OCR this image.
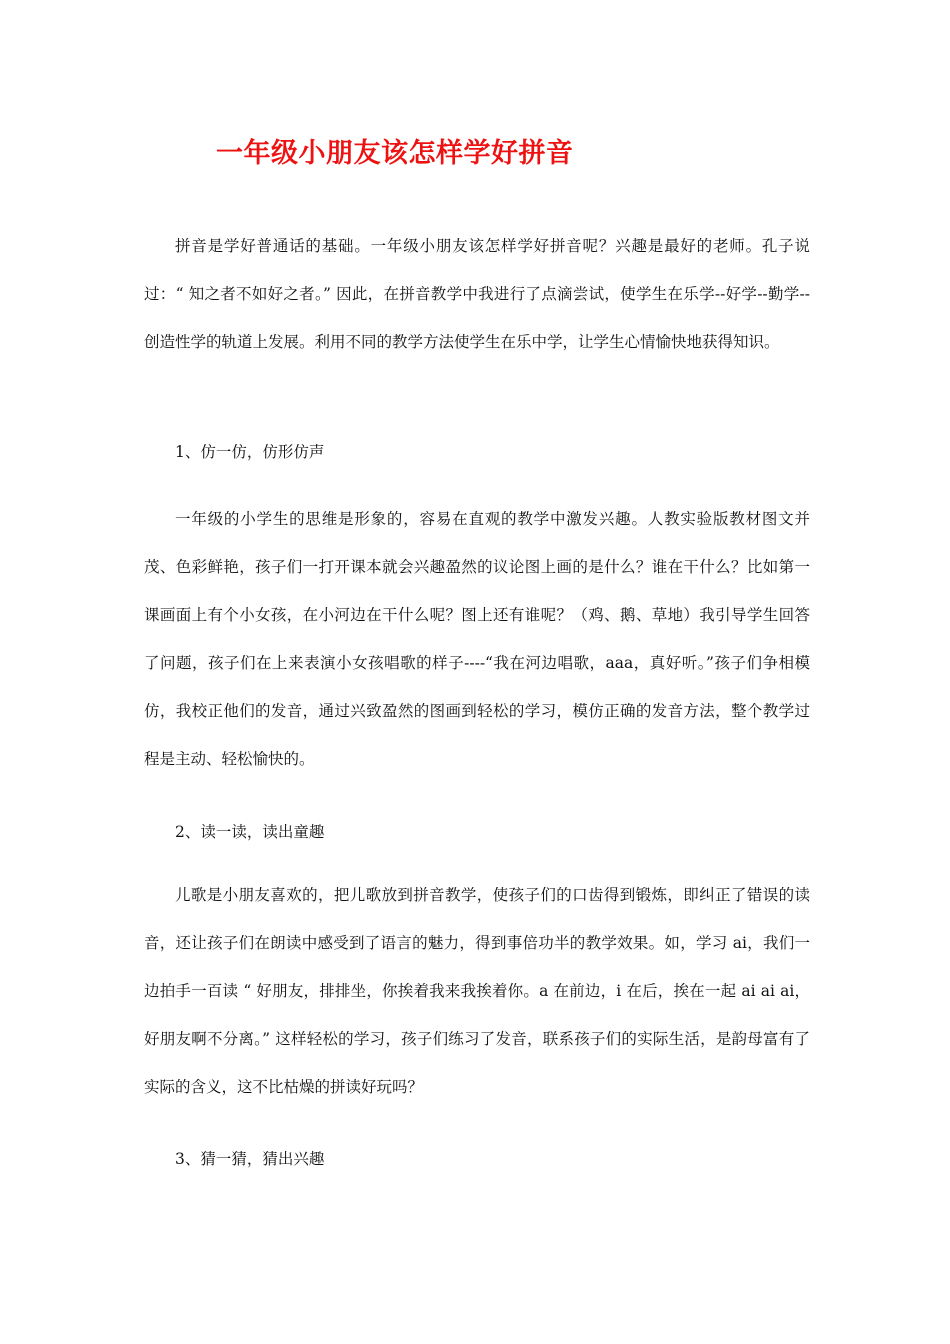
一年级小朋友该怎样学好拼音

拼音是学好普通话的基础。一年级小朋友该怎样学好拼音呢？兴趣是最好的老师。孔子说过：“ 知之者不如好之者。” 因此，在拼音教学中我进行了点滴尝试，使学生在乐学--好学--勤学--创造性学的轨道上发展。利用不同的教学方法使学生在乐中学，让学生心情愉快地获得知识。

1、仿一仿，仿形仿声

一年级的小学生的思维是形象的，容易在直观的教学中激发兴趣。人教实验版教材图文并茂、色彩鲜艳，孩子们一打开课本就会兴趣盈然的议论图上画的是什么？谁在干什么？比如第一课画面上有个小女孩，在小河边在干什么呢？图上还有谁呢？（鸡、鹅、草地）我引导学生回答了问题，孩子们在上来表演小女孩唱歌的样子----“我在河边唱歌，aaa，真好听。”孩子们争相模仿，我校正他们的发音，通过兴致盈然的图画到轻松的学习，模仿正确的发音方法，整个教学过程是主动、轻松愉快的。

2、读一读，读出童趣

儿歌是小朋友喜欢的，把儿歌放到拼音教学，使孩子们的口齿得到锻炼，即纠正了错误的读音，还让孩子们在朗读中感受到了语言的魅力，得到事倍功半的教学效果。如，学习 ai，我们一边拍手一百读 “ 好朋友，排排坐，你挨着我来我挨着你。a 在前边，i 在后，挨在一起 ai ai ai，好朋友啊不分离。” 这样轻松的学习，孩子们练习了发音，联系孩子们的实际生活，是韵母富有了实际的含义，这不比枯燥的拼读好玩吗？

3、猜一猜，猜出兴趣
